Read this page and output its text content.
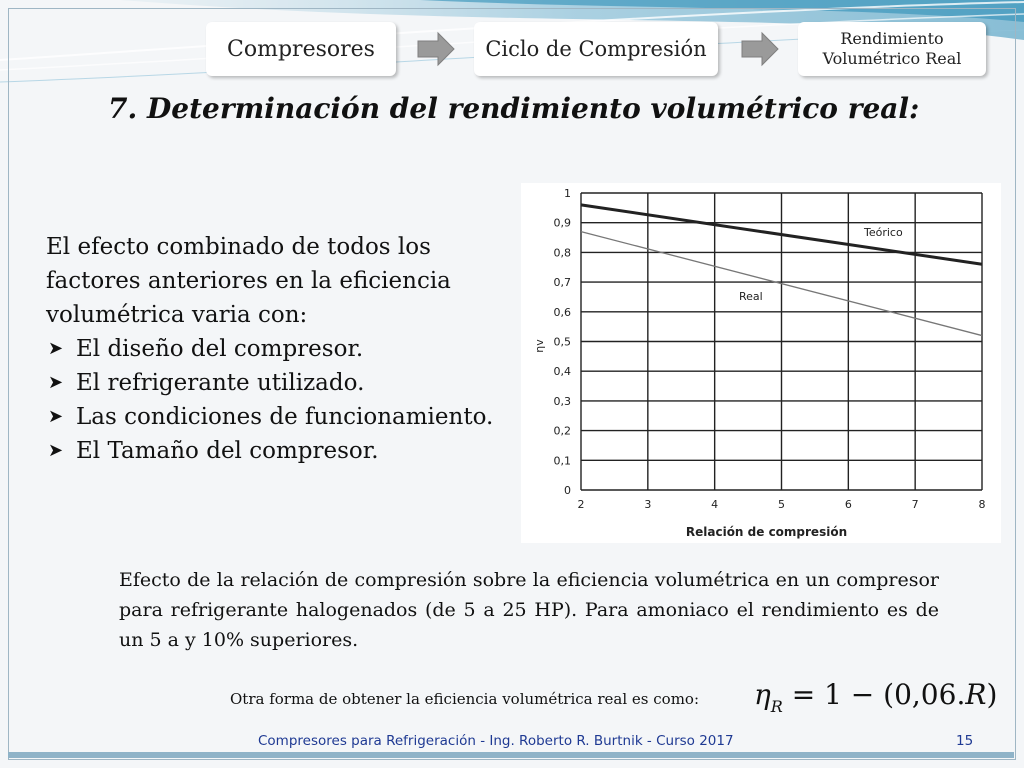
Compresores	Ciclo de Compresión	Rendimiento Volumétrico Real
7. Determinación del rendimiento volumétrico real:

El efecto combinado de todos los factores anteriores en la eficiencia volumétrica varia con:

➤ El diseño del compresor.
➤ El refrigerante utilizado.
➤ Las condiciones de funcionamiento.
➤ El Tamaño del compresor.
2	3	4	5	6	7	8
0
0,1
0,2
0,3
0,4
0,5
0,6
0,7
0,8
0,9
1
Teórico
Real
Relación de compresión
ηv
Efecto de la relación de compresión sobre la eficiencia volumétrica en un compresor para refrigerante halogenados (de 5 a 25 HP). Para amoniaco el rendimiento es de un 5 a y 10% superiores.
Otra forma de obtener la eficiencia volumétrica real es como: $\eta_R = 1 - (0,06.R)$
Compresores para Refrigeración - Ing. Roberto R. Burtnik - Curso 2017	15
